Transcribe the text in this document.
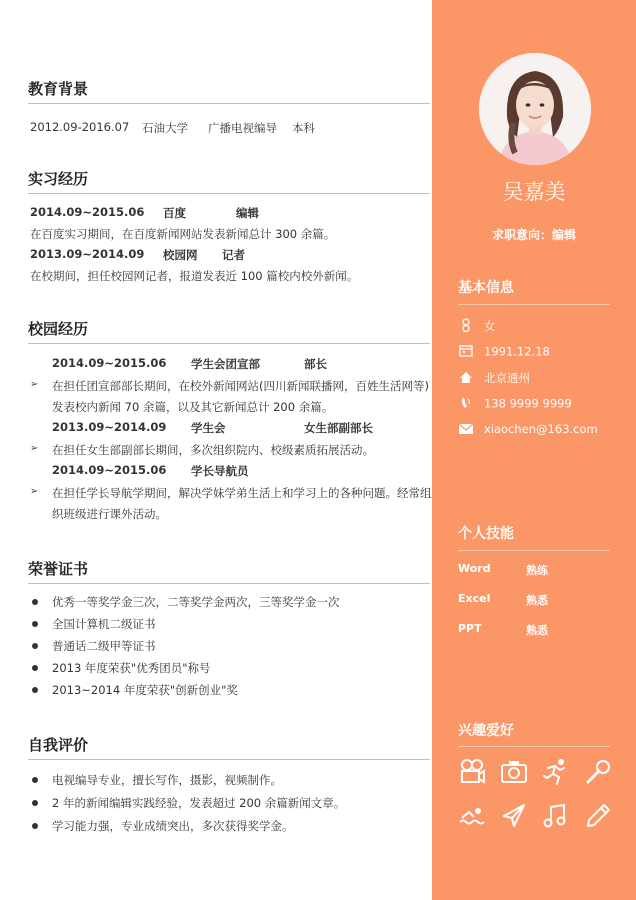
教育背景
2012.09-2016.07 石油大学 广播电视编导 本科
实习经历
2014.09~2015.06 百度	编辑
在百度实习期间，在百度新闻网站发表新闻总计 300 余篇。
2013.09~2014.09 校园网 记者
在校期间，担任校园网记者，报道发表近 100 篇校内校外新闻。
校园经历
2014.09~2015.06 学生会团宣部	部长
➢ 在担任团宣部部长期间，在校外新闻网站(四川新闻联播网，百姓生活网等)
发表校内新闻 70 余篇，以及其它新闻总计 200 余篇。
2013.09~2014.09 学生会	女生部副部长
➢ 在担任女生部副部长期间，多次组织院内、校级素质拓展活动。
2014.09~2015.06 学长导航员
➢ 在担任学长导航学期间，解决学妹学弟生活上和学习上的各种问题。经常组
织班级进行课外活动。
荣誉证书
优秀一等奖学金三次，二等奖学金两次，三等奖学金一次
全国计算机二级证书
普通话二级甲等证书
2013 年度荣获"优秀团员"称号
2013~2014 年度荣获"创新创业"奖
自我评价
电视编导专业，擅长写作，摄影，视频制作。
2 年的新闻编辑实践经验，发表超过 200 余篇新闻文章。
学习能力强，专业成绩突出，多次获得奖学金。
吴嘉美
求职意向：编辑
基本信息
女
1991.12.18
北京通州
138 9999 9999
xiaochen@163.com
个人技能
Word	熟练
Excel	熟悉
PPT	熟悉
兴趣爱好
